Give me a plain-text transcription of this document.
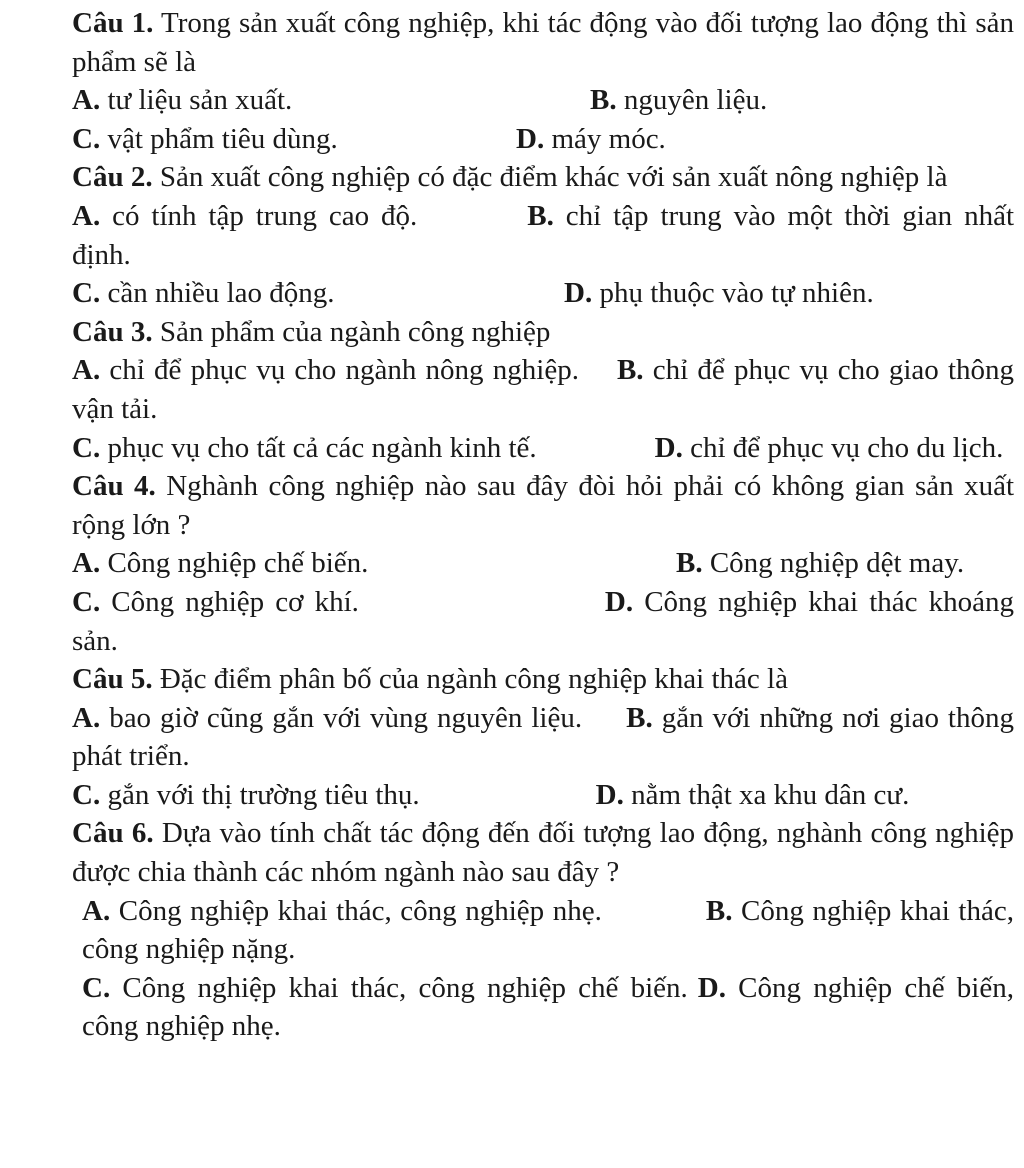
Câu 1. Trong sản xuất công nghiệp, khi tác động vào đối tượng lao động thì sản phẩm sẽ là

A. tư liệu sản xuất.	B. nguyên liệu.
C. vật phẩm tiêu dùng.	D. máy móc.

Câu 2. Sản xuất công nghiệp có đặc điểm khác với sản xuất nông nghiệp là

A. có tính tập trung cao độ.	B. chỉ tập trung vào một thời gian nhất định.

C. cần nhiều lao động.	D. phụ thuộc vào tự nhiên.

Câu 3. Sản phẩm của ngành công nghiệp

A. chỉ để phục vụ cho ngành nông nghiệp. B. chỉ để phục vụ cho giao thông vận tải.

C. phục vụ cho tất cả các ngành kinh tế.	D. chỉ để phục vụ cho du lịch.

Câu 4. Nghành công nghiệp nào sau đây đòi hỏi phải có không gian sản xuất rộng lớn ?

A. Công nghiệp chế biến.	B. Công nghiệp dệt may.

C. Công nghiệp cơ khí.	D. Công nghiệp khai thác khoáng sản.

Câu 5. Đặc điểm phân bố của ngành công nghiệp khai thác là

A. bao giờ cũng gắn với vùng nguyên liệu. B. gắn với những nơi giao thông phát triển.

C. gắn với thị trường tiêu thụ.	D. nằm thật xa khu dân cư.

Câu 6. Dựa vào tính chất tác động đến đối tượng lao động, nghành công nghiệp được chia thành các nhóm ngành nào sau đây ?

A. Công nghiệp khai thác, công nghiệp nhẹ.	B. Công nghiệp khai thác, công nghiệp nặng.

C. Công nghiệp khai thác, công nghiệp chế biến. D. Công nghiệp chế biến, công nghiệp nhẹ.
